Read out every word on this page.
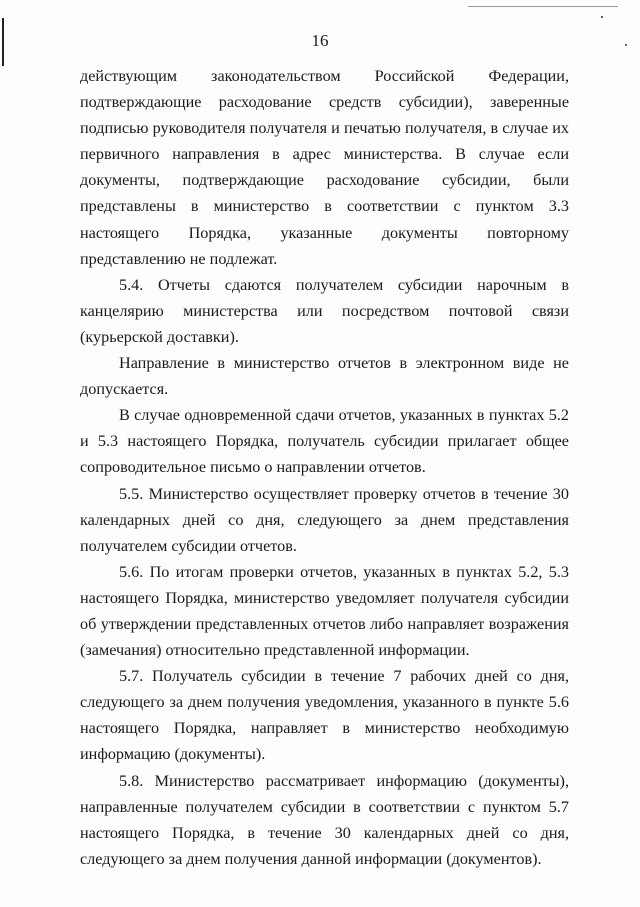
16

действующим законодательством Российской Федерации, подтверждающие расходование средств субсидии), заверенные подписью руководителя получателя и печатью получателя, в случае их первичного направления в адрес министерства. В случае если документы, подтверждающие расходование субсидии, были представлены в министерство в соответствии с пунктом 3.3 настоящего Порядка, указанные документы повторному представлению не подлежат.

5.4. Отчеты сдаются получателем субсидии нарочным в канцелярию министерства или посредством почтовой связи (курьерской доставки).

Направление в министерство отчетов в электронном виде не допускается.

В случае одновременной сдачи отчетов, указанных в пунктах 5.2 и 5.3 настоящего Порядка, получатель субсидии прилагает общее сопроводительное письмо о направлении отчетов.

5.5. Министерство осуществляет проверку отчетов в течение 30 календарных дней со дня, следующего за днем представления получателем субсидии отчетов.

5.6. По итогам проверки отчетов, указанных в пунктах 5.2, 5.3 настоящего Порядка, министерство уведомляет получателя субсидии об утверждении представленных отчетов либо направляет возражения (замечания) относительно представленной информации.

5.7. Получатель субсидии в течение 7 рабочих дней со дня, следующего за днем получения уведомления, указанного в пункте 5.6 настоящего Порядка, направляет в министерство необходимую информацию (документы).

5.8. Министерство рассматривает информацию (документы), направленные получателем субсидии в соответствии с пунктом 5.7 настоящего Порядка, в течение 30 календарных дней со дня, следующего за днем получения данной информации (документов).
